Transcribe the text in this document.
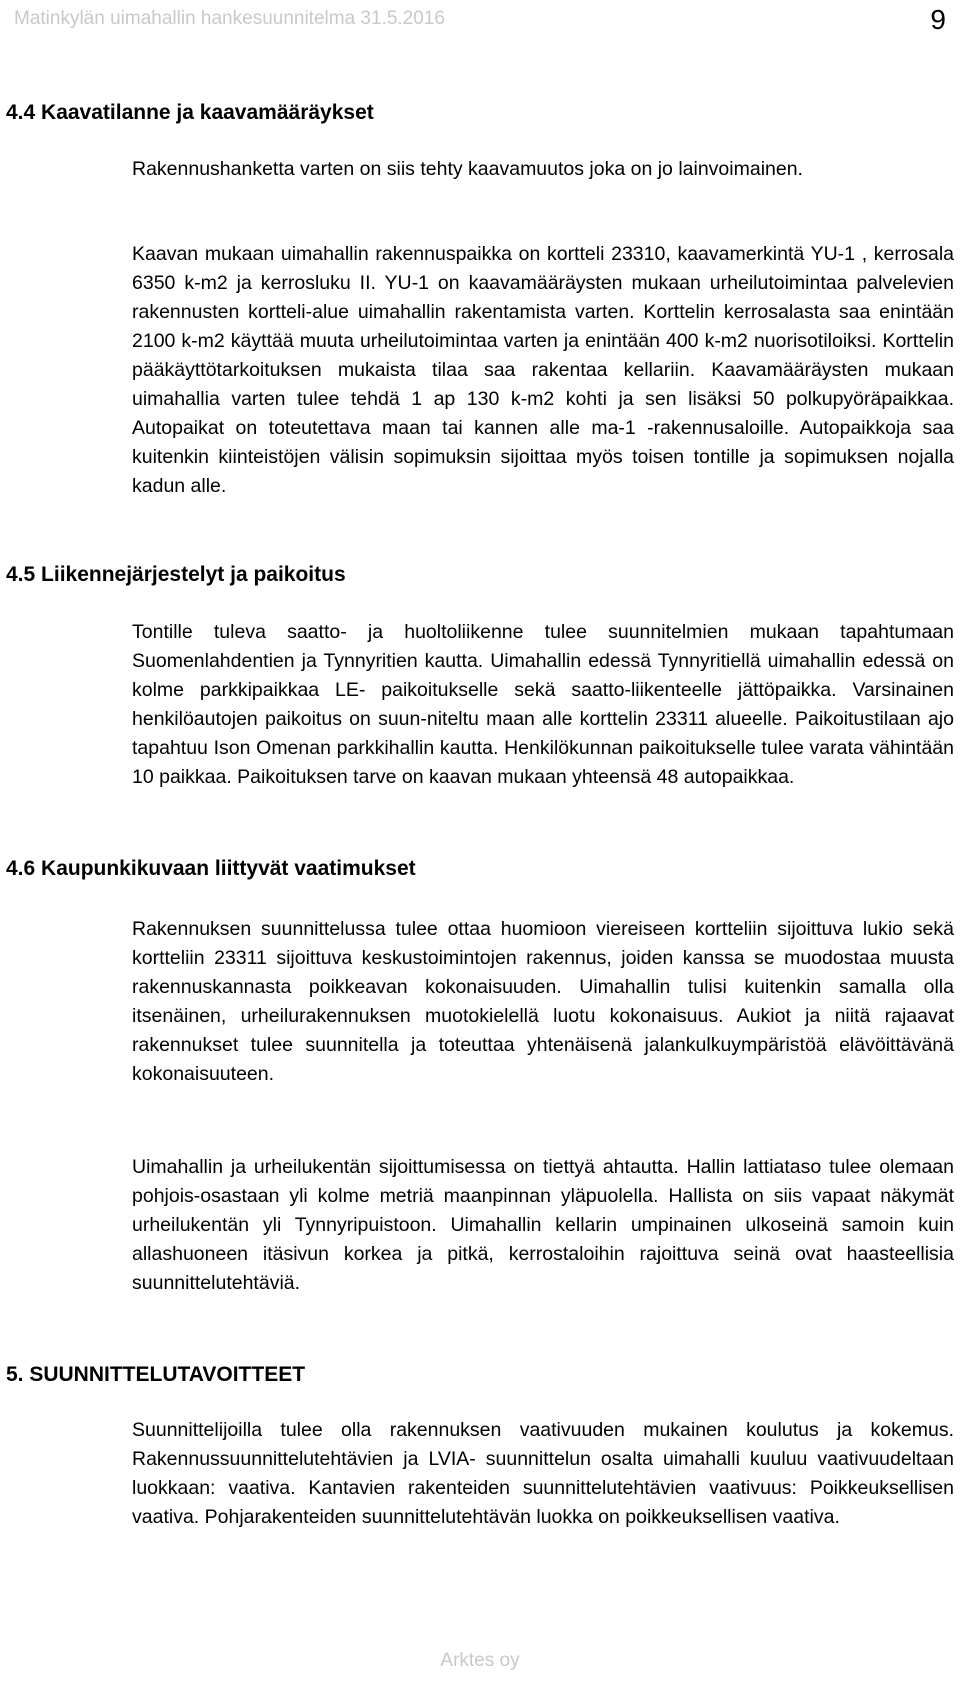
Matinkylän uimahallin hankesuunnitelma 31.5.2016	9
4.4 Kaavatilanne ja kaavamääräykset

Rakennushanketta varten on siis tehty kaavamuutos joka on jo lainvoimainen.

Kaavan mukaan uimahallin rakennuspaikka on kortteli 23310, kaavamerkintä YU-1 , kerrosala 6350 k-m2 ja kerrosluku II. YU-1 on kaavamääräysten mukaan urheilutoimintaa palvelevien rakennusten kortteli-alue uimahallin rakentamista varten. Korttelin kerrosalasta saa enintään 2100 k-m2 käyttää muuta urheilutoimintaa varten ja enintään 400 k-m2 nuorisotiloiksi. Korttelin pääkäyttötarkoituksen mukaista tilaa saa rakentaa kellariin. Kaavamääräysten mukaan uimahallia varten tulee tehdä 1 ap 130 k-m2 kohti ja sen lisäksi 50 polkupyöräpaikkaa. Autopaikat on toteutettava maan tai kannen alle ma-1 -rakennusaloille. Autopaikkoja saa kuitenkin kiinteistöjen välisin sopimuksin sijoittaa myös toisen tontille ja sopimuksen nojalla kadun alle.

4.5 Liikennejärjestelyt ja paikoitus

Tontille tuleva saatto- ja huoltoliikenne tulee suunnitelmien mukaan tapahtumaan Suomenlahdentien ja Tynnyritien kautta. Uimahallin edessä Tynnyritiellä uimahallin edessä on kolme parkkipaikkaa LE- paikoitukselle sekä saatto-liikenteelle jättöpaikka. Varsinainen henkilöautojen paikoitus on suun-niteltu maan alle korttelin 23311 alueelle. Paikoitustilaan ajo tapahtuu Ison Omenan parkkihallin kautta. Henkilökunnan paikoitukselle tulee varata vähintään 10 paikkaa. Paikoituksen tarve on kaavan mukaan yhteensä 48 autopaikkaa.

4.6 Kaupunkikuvaan liittyvät vaatimukset

Rakennuksen suunnittelussa tulee ottaa huomioon viereiseen kortteliin sijoittuva lukio sekä kortteliin 23311 sijoittuva keskustoimintojen rakennus, joiden kanssa se muodostaa muusta rakennuskannasta poikkeavan kokonaisuuden. Uimahallin tulisi kuitenkin samalla olla itsenäinen, urheilurakennuksen muotokielellä luotu kokonaisuus. Aukiot ja niitä rajaavat rakennukset tulee suunnitella ja toteuttaa yhtenäisenä jalankulkuympäristöä elävöittävänä kokonaisuuteen.

Uimahallin ja urheilukentän sijoittumisessa on tiettyä ahtautta. Hallin lattiataso tulee olemaan pohjois-osastaan yli kolme metriä maanpinnan yläpuolella. Hallista on siis vapaat näkymät urheilukentän yli Tynnyripuistoon. Uimahallin kellarin umpinainen ulkoseinä samoin kuin allashuoneen itäsivun korkea ja pitkä, kerrostaloihin rajoittuva seinä ovat haasteellisia suunnittelutehtäviä.

5. SUUNNITTELUTAVOITTEET

Suunnittelijoilla tulee olla rakennuksen vaativuuden mukainen koulutus ja kokemus. Rakennussuunnittelutehtävien ja LVIA- suunnittelun osalta uimahalli kuuluu vaativuudeltaan luokkaan: vaativa. Kantavien rakenteiden suunnittelutehtävien vaativuus: Poikkeuksellisen vaativa. Pohjarakenteiden suunnittelutehtävän luokka on poikkeuksellisen vaativa.

Arktes oy
